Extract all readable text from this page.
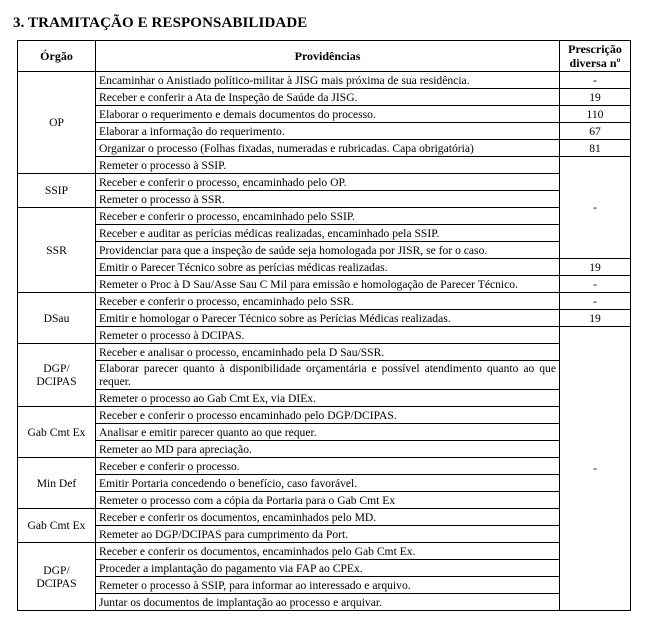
3. TRAMITAÇÃO E RESPONSABILIDADE
Órgão	Providências	Prescrição
diversa nº
OP	Encaminhar o Anistiado político-militar à JISG mais próxima de sua residência.	-
	Receber e conferir a Ata de Inspeção de Saúde da JISG.	19
	Elaborar o requerimento e demais documentos do processo.	110
	Elaborar a informação do requerimento.	67
	Organizar o processo (Folhas fixadas, numeradas e rubricadas. Capa obrigatória)	81
	Remeter o processo à SSIP.	-
SSIP	Receber e conferir o processo, encaminhado pelo OP.	
	Remeter o processo à SSR.	
SSR	Receber e conferir o processo, encaminhado pelo SSIP.	
	Receber e auditar as perícias médicas realizadas, encaminhado pela SSIP.	
	Providenciar para que a inspeção de saúde seja homologada por JISR, se for o caso.	
	Emitir o Parecer Técnico sobre as perícias médicas realizadas.	19
	Remeter o Proc à D Sau/Asse Sau C Mil para emissão e homologação de Parecer Técnico.	-
DSau	Receber e conferir o processo, encaminhado pelo SSR.	-
	Emitir e homologar o Parecer Técnico sobre as Perícias Médicas realizadas.	19
	Remeter o processo à DCIPAS.	-
DGP/
DCIPAS	Receber e analisar o processo, encaminhado pela D Sau/SSR.	
	Elaborar parecer quanto à disponibilidade orçamentária e possível atendimento quanto ao que requer.	
	Remeter o processo ao Gab Cmt Ex, via DIEx.	
Gab Cmt Ex	Receber e conferir o processo encaminhado pelo DGP/DCIPAS.	
	Analisar e emitir parecer quanto ao que requer.	
	Remeter ao MD para apreciação.	
Min Def	Receber e conferir o processo.	
	Emitir Portaria concedendo o benefício, caso favorável.	
	Remeter o processo com a cópia da Portaria para o Gab Cmt Ex	
Gab Cmt Ex	Receber e conferir os documentos, encaminhados pelo MD.	
	Remeter ao DGP/DCIPAS para cumprimento da Port.	
DGP/
DCIPAS	Receber e conferir os documentos, encaminhados pelo Gab Cmt Ex.	
	Proceder a implantação do pagamento via FAP ao CPEx.	
	Remeter o processo à SSIP, para informar ao interessado e arquivo.	
	Juntar os documentos de implantação ao processo e arquivar.	
